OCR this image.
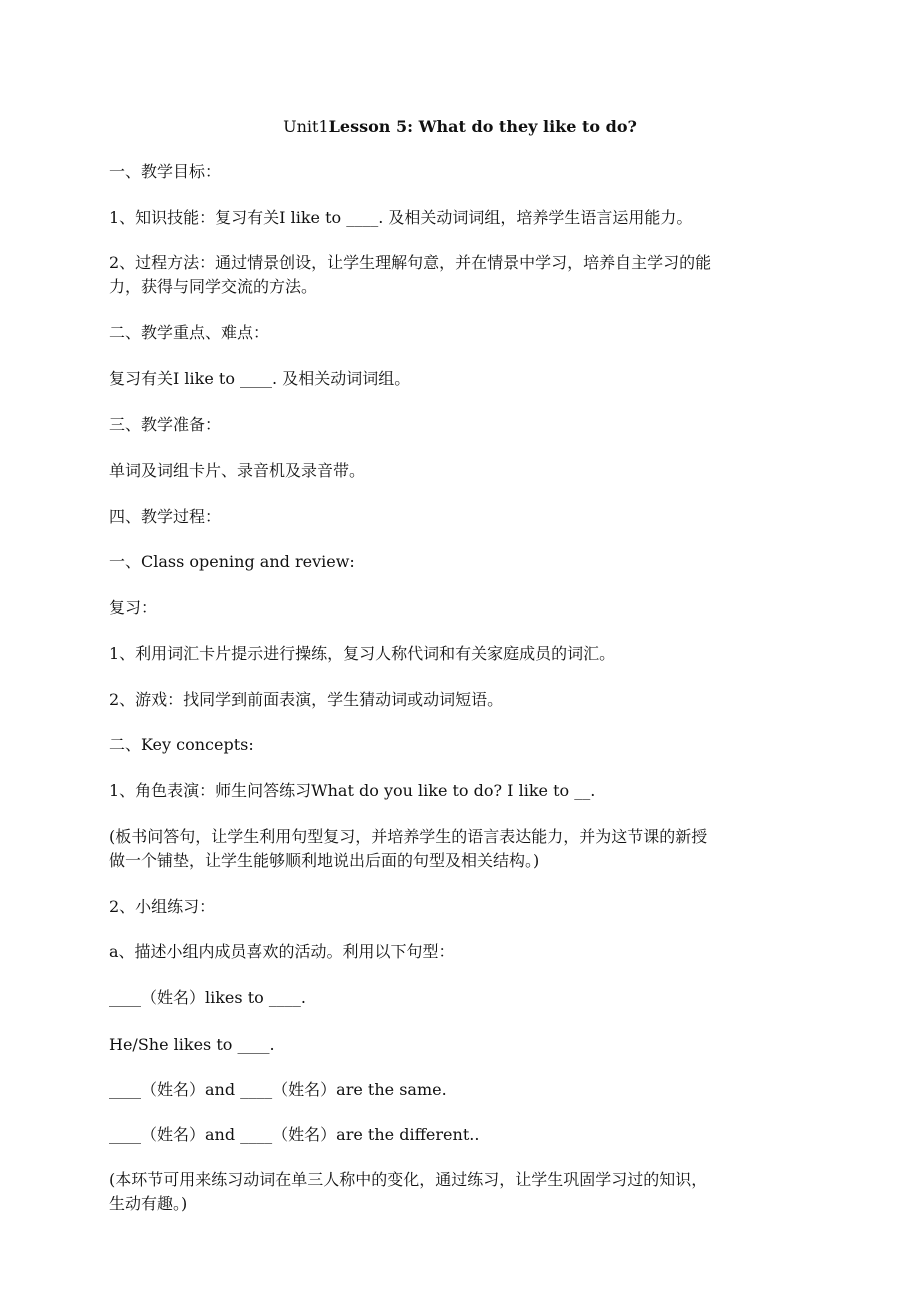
Unit1Lesson 5: What do they like to do?
一、教学目标：
1、知识技能：复习有关I like to ____. 及相关动词词组，培养学生语言运用能力。
2、过程方法：通过情景创设，让学生理解句意，并在情景中学习，培养自主学习的能
力，获得与同学交流的方法。
二、教学重点、难点：
复习有关I like to ____. 及相关动词词组。
三、教学准备：
单词及词组卡片、录音机及录音带。
四、教学过程：
一、Class opening and review:
复习：
1、利用词汇卡片提示进行操练，复习人称代词和有关家庭成员的词汇。
2、游戏：找同学到前面表演，学生猜动词或动词短语。
二、Key concepts:
1、角色表演：师生问答练习What do you like to do? I like to __.
(板书问答句，让学生利用句型复习，并培养学生的语言表达能力，并为这节课的新授
做一个铺垫，让学生能够顺利地说出后面的句型及相关结构。)
2、小组练习：
a、描述小组内成员喜欢的活动。利用以下句型：
____（姓名）likes to ____.
He/She likes to ____.
____（姓名）and ____（姓名）are the same.
____（姓名）and ____（姓名）are the different..
(本环节可用来练习动词在单三人称中的变化，通过练习，让学生巩固学习过的知识，
生动有趣。)
